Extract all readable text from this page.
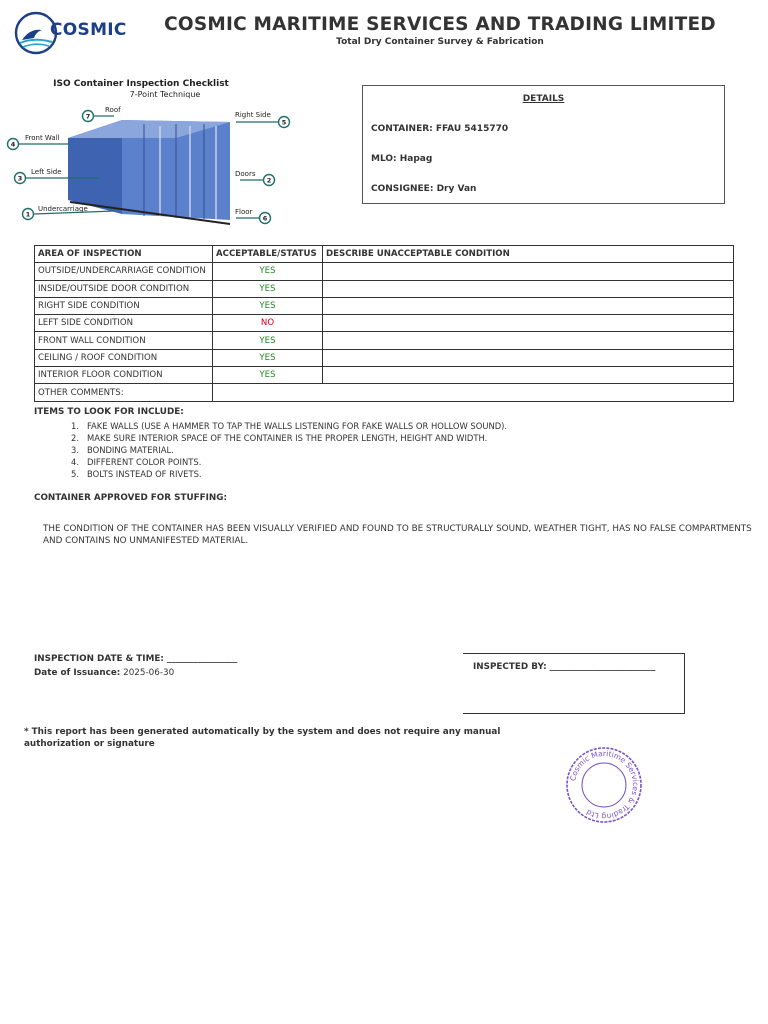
COSMIC	COSMIC MARITIME SERVICES AND TRADING LIMITED
Total Dry Container Survey & Fabrication
ISO Container Inspection Checklist
7-Point Technique
1
Undercarriage
2
Doors
3
Left Side
4
Front Wall
5
Right Side
6
Floor
7
Roof
DETAILS
CONTAINER: FFAU 5415770
MLO: Hapag
CONSIGNEE: Dry Van
AREA OF INSPECTION	ACCEPTABLE/STATUS	DESCRIBE UNACCEPTABLE CONDITION
OUTSIDE/UNDERCARRIAGE CONDITION	YES	
INSIDE/OUTSIDE DOOR CONDITION	YES	
RIGHT SIDE CONDITION	YES	
LEFT SIDE CONDITION	NO	
FRONT WALL CONDITION	YES	
CEILING / ROOF CONDITION	YES	
INTERIOR FLOOR CONDITION	YES	
OTHER COMMENTS:		
ITEMS TO LOOK FOR INCLUDE:
1. FAKE WALLS (USE A HAMMER TO TAP THE WALLS LISTENING FOR FAKE WALLS OR HOLLOW SOUND).
2. MAKE SURE INTERIOR SPACE OF THE CONTAINER IS THE PROPER LENGTH, HEIGHT AND WIDTH.
3. BONDING MATERIAL.
4. DIFFERENT COLOR POINTS.
5. BOLTS INSTEAD OF RIVETS.
CONTAINER APPROVED FOR STUFFING:
THE CONDITION OF THE CONTAINER HAS BEEN VISUALLY VERIFIED AND FOUND TO BE STRUCTURALLY SOUND, WEATHER TIGHT, HAS NO FALSE COMPARTMENTS AND CONTAINS NO UNMANIFESTED MATERIAL.
INSPECTION DATE & TIME: ________________
Date of Issuance: 2025-06-30
INSPECTED BY: ________________________
* This report has been generated automatically by the system and does not require any manual authorization or signature
Cosmic Maritime Services & Trading Ltd
